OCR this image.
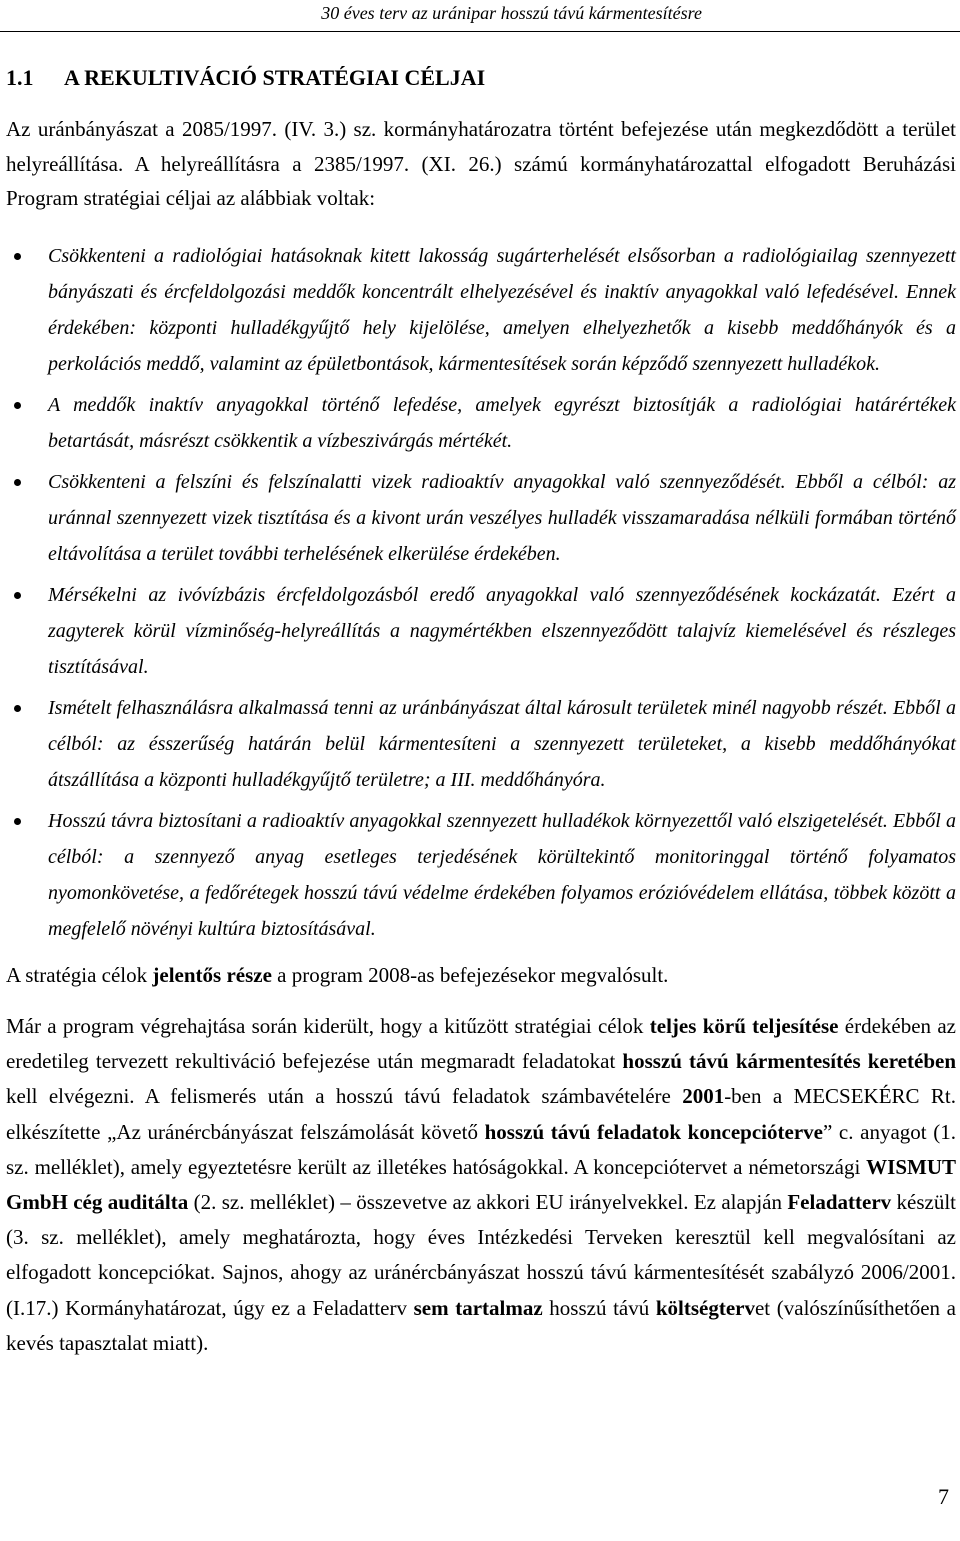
30 éves terv az uránipar hosszú távú kármentesítésre
1.1 A REKULTIVÁCIÓ STRATÉGIAI CÉLJAI

Az uránbányászat a 2085/1997. (IV. 3.) sz. kormányhatározatra történt befejezése után megkezdődött a terület helyreállítása. A helyreállításra a 2385/1997. (XI. 26.) számú kormányhatározattal elfogadott Beruházási Program stratégiai céljai az alábbiak voltak:

Csökkenteni a radiológiai hatásoknak kitett lakosság sugárterhelését elsősorban a radiológiailag szennyezett bányászati és ércfeldolgozási meddők koncentrált elhelyezésével és inaktív anyagokkal való lefedésével. Ennek érdekében: központi hulladékgyűjtő hely kijelölése, amelyen elhelyezhetők a kisebb meddőhányók és a perkolációs meddő, valamint az épületbontások, kármentesítések során képződő szennyezett hulladékok.
A meddők inaktív anyagokkal történő lefedése, amelyek egyrészt biztosítják a radiológiai határértékek betartását, másrészt csökkentik a vízbeszivárgás mértékét.
Csökkenteni a felszíni és felszínalatti vizek radioaktív anyagokkal való szennyeződését. Ebből a célból: az uránnal szennyezett vizek tisztítása és a kivont urán veszélyes hulladék visszamaradása nélküli formában történő eltávolítása a terület további terhelésének elkerülése érdekében.
Mérsékelni az ivóvízbázis ércfeldolgozásból eredő anyagokkal való szennyeződésének kockázatát. Ezért a zagyterek körül vízminőség-helyreállítás a nagymértékben elszennyeződött talajvíz kiemelésével és részleges tisztításával.
Ismételt felhasználásra alkalmassá tenni az uránbányászat által károsult területek minél nagyobb részét. Ebből a célból: az ésszerűség határán belül kármentesíteni a szennyezett területeket, a kisebb meddőhányókat átszállítása a központi hulladékgyűjtő területre; a III. meddőhányóra.
Hosszú távra biztosítani a radioaktív anyagokkal szennyezett hulladékok környezettől való elszigetelését. Ebből a célból: a szennyező anyag esetleges terjedésének körültekintő monitoringgal történő folyamatos nyomonkövetése, a fedőrétegek hosszú távú védelme érdekében folyamos erózióvédelem ellátása, többek között a megfelelő növényi kultúra biztosításával.

A stratégia célok jelentős része a program 2008-as befejezésekor megvalósult.

Már a program végrehajtása során kiderült, hogy a kitűzött stratégiai célok teljes körű teljesítése érdekében az eredetileg tervezett rekultiváció befejezése után megmaradt feladatokat hosszú távú kármentesítés keretében kell elvégezni. A felismerés után a hosszú távú feladatok számbavételére 2001-ben a MECSEKÉRC Rt. elkészítette „Az uránércbányászat felszámolását követő hosszú távú feladatok koncepcióterve” c. anyagot (1. sz. melléklet), amely egyeztetésre került az illetékes hatóságokkal. A koncepciótervet a németországi WISMUT GmbH cég auditálta (2. sz. melléklet) – összevetve az akkori EU irányelvekkel. Ez alapján Feladatterv készült (3. sz. melléklet), amely meghatározta, hogy éves Intézkedési Terveken keresztül kell megvalósítani az elfogadott koncepciókat. Sajnos, ahogy az uránércbányászat hosszú távú kármentesítését szabályzó 2006/2001. (I.17.) Kormányhatározat, úgy ez a Feladatterv sem tartalmaz hosszú távú költségtervet (valószínűsíthetően a kevés tapasztalat miatt).

7
